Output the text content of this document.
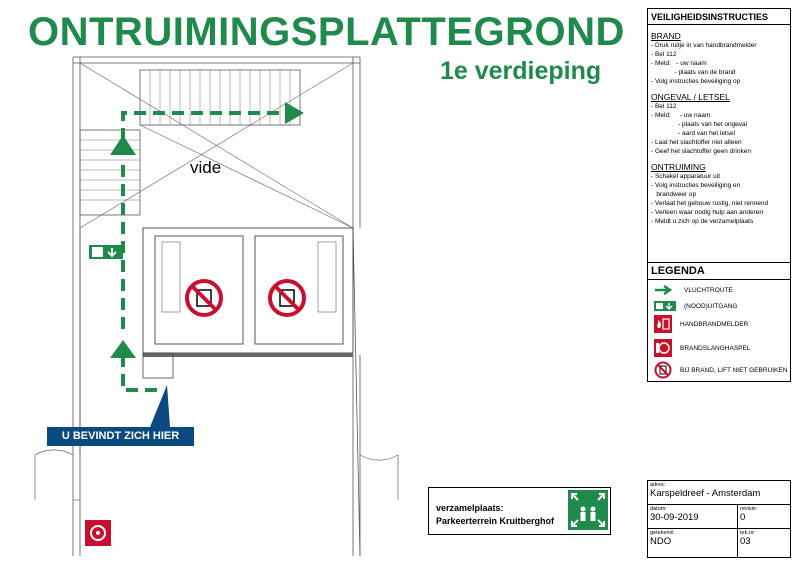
ONTRUIMINGSPLATTEGROND
1e verdieping
vide
U BEVINDT ZICH HIER
VEILIGHEIDSINSTRUCTIES
BRAND
- Druk ruitje in van handbrandmelder
- Bel 112
- Meld:   - uw naam
- plaats van de brand
- Volg instructies beveiliging op
ONGEVAL / LETSEL
- Bel 112
- Meld:     - uw naam
- plaats van het ongeval
- aard van het letsel
- Laat het slachtoffer niet alleen
- Geef het slachtoffer geen drinken
ONTRUIMING
- Schakel apparatuur uit
- Volg instructies beveiliging en
brandweer op
- Verlaat het gebouw rustig, niet rennend
- Verleen waar nodig hulp aan anderen
- Meldt u zich op de verzamelplaats
LEGENDA
VLUCHTROUTE
(NOOD)UITGANG
HANDBRANDMELDER
BRANDSLANGHASPEL
BIJ BRAND, LIFT NIET GEBRUIKEN
verzamelplaats:
Parkeerterrein Kruitberghof
adres:
Karspeldreef - Amsterdam
datum:
30-09-2019
revisie:
0
getekend:
NDO
tek.nr:
03
